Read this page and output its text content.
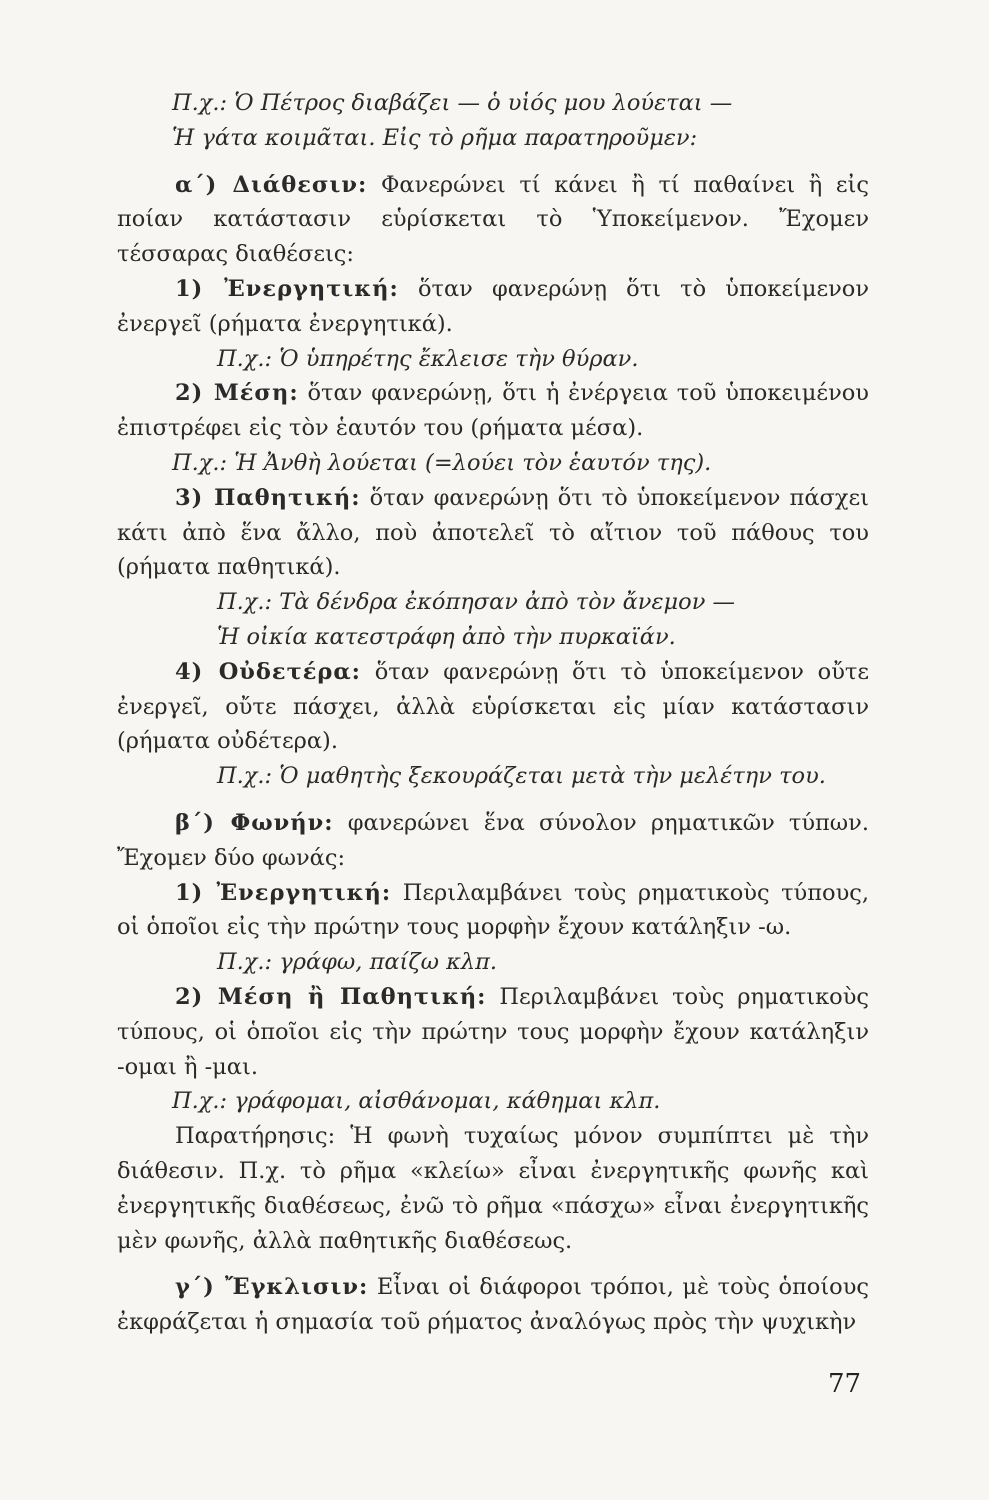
Π.χ.: Ὁ Πέτρος διαβάζει — ὁ υἱός μου λούεται —

Ἡ γάτα κοιμᾶται. Εἰς τὸ ρῆμα παρατηροῦμεν:

α΄) Διάθεσιν: Φανερώνει τί κάνει ἢ τί παθαίνει ἢ εἰς ποίαν κατάστασιν εὑρίσκεται τὸ Ὑποκείμενον. Ἔχομεν τέσσαρας διαθέσεις:

1) Ἐνεργητική: ὅταν φανερώνῃ ὅτι τὸ ὑποκείμενον ἐνεργεῖ (ρήματα ἐνεργητικά).

Π.χ.: Ὁ ὑπηρέτης ἔκλεισε τὴν θύραν.

2) Μέση: ὅταν φανερώνῃ, ὅτι ἡ ἐνέργεια τοῦ ὑποκειμένου ἐπιστρέφει εἰς τὸν ἑαυτόν του (ρήματα μέσα).

Π.χ.: Ἡ Ἀνθὴ λούεται (=λούει τὸν ἑαυτόν της).

3) Παθητική: ὅταν φανερώνῃ ὅτι τὸ ὑποκείμενον πάσχει κάτι ἀπὸ ἕνα ἄλλο, ποὺ ἀποτελεῖ τὸ αἴτιον τοῦ πάθους του (ρήματα παθητικά).

Π.χ.: Τὰ δένδρα ἐκόπησαν ἀπὸ τὸν ἄνεμον —

Ἡ οἰκία κατεστράφη ἀπὸ τὴν πυρκαϊάν.

4) Οὐδετέρα: ὅταν φανερώνῃ ὅτι τὸ ὑποκείμενον οὔτε ἐνεργεῖ, οὔτε πάσχει, ἀλλὰ εὑρίσκεται εἰς μίαν κατάστασιν (ρήματα οὐδέτερα).

Π.χ.: Ὁ μαθητὴς ξεκουράζεται μετὰ τὴν μελέτην του.

β΄) Φωνήν: φανερώνει ἕνα σύνολον ρηματικῶν τύπων. Ἔχομεν δύο φωνάς:

1) Ἐνεργητική: Περιλαμβάνει τοὺς ρηματικοὺς τύπους, οἱ ὁποῖοι εἰς τὴν πρώτην τους μορφὴν ἔχουν κατάληξιν -ω.

Π.χ.: γράφω, παίζω κλπ.

2) Μέση ἢ Παθητική: Περιλαμβάνει τοὺς ρηματικοὺς τύπους, οἱ ὁποῖοι εἰς τὴν πρώτην τους μορφὴν ἔχουν κατάληξιν -ομαι ἢ -μαι.

Π.χ.: γράφομαι, αἰσθάνομαι, κάθημαι κλπ.

Παρατήρησις: Ἡ φωνὴ τυχαίως μόνον συμπίπτει μὲ τὴν διάθεσιν. Π.χ. τὸ ρῆμα «κλείω» εἶναι ἐνεργητικῆς φωνῆς καὶ ἐνεργητικῆς διαθέσεως, ἐνῶ τὸ ρῆμα «πάσχω» εἶναι ἐνεργητικῆς μὲν φωνῆς, ἀλλὰ παθητικῆς διαθέσεως.

γ΄) Ἔγκλισιν: Εἶναι οἱ διάφοροι τρόποι, μὲ τοὺς ὁποίους ἐκφράζεται ἡ σημασία τοῦ ρήματος ἀναλόγως πρὸς τὴν ψυχικὴν

77
